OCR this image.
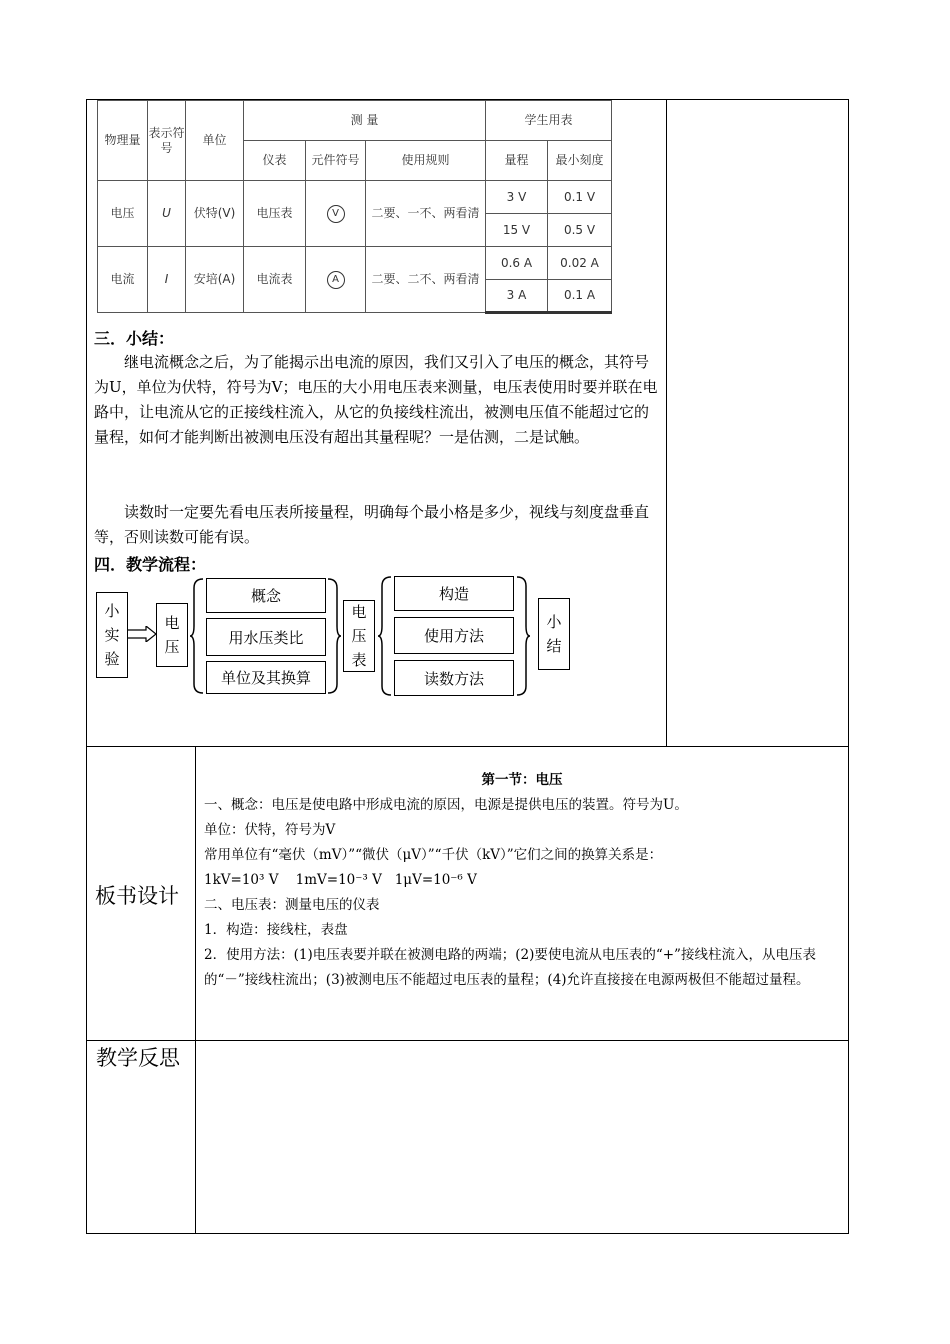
物理量	表示符号	单位	测 量			学生用表	
			仪表	元件符号	使用规则	量程	最小刻度
电压	U	伏特(V)	电压表	V	二要、一不、两看清	3 V	0.1 V
						15 V	0.5 V
电流	I	安培(A)	电流表	A	二要、二不、两看清	0.6 A	0.02 A
						3 A	0.1 A
三．小结：
继电流概念之后，为了能揭示出电流的原因，我们又引入了电压的概念，其符号为U，单位为伏特，符号为V；电压的大小用电压表来测量，电压表使用时要并联在电路中，让电流从它的正接线柱流入，从它的负接线柱流出，被测电压值不能超过它的量程，如何才能判断出被测电压没有超出其量程呢？一是估测，二是试触。
读数时一定要先看电压表所接量程，明确每个最小格是多少，视线与刻度盘垂直等，否则读数可能有误。
四．教学流程：
小实验
电压
概念
用水压类比
单位及其换算
电压表
构造
使用方法
读数方法
小结
板书设计
第一节：电压
一、概念：电压是使电路中形成电流的原因，电源是提供电压的装置。符号为U。
单位：伏特，符号为V
常用单位有“毫伏（mV）”“微伏（μV）”“千伏（kV）”它们之间的换算关系是：
1kV=10³ V    1mV=10⁻³ V   1μV=10⁻⁶ V
二、电压表：测量电压的仪表
1．构造：接线柱，表盘
2．使用方法：(1)电压表要并联在被测电路的两端；(2)要使电流从电压表的“+”接线柱流入，从电压表的“－”接线柱流出；(3)被测电压不能超过电压表的量程；(4)允许直接接在电源两极但不能超过量程。
教学反思
